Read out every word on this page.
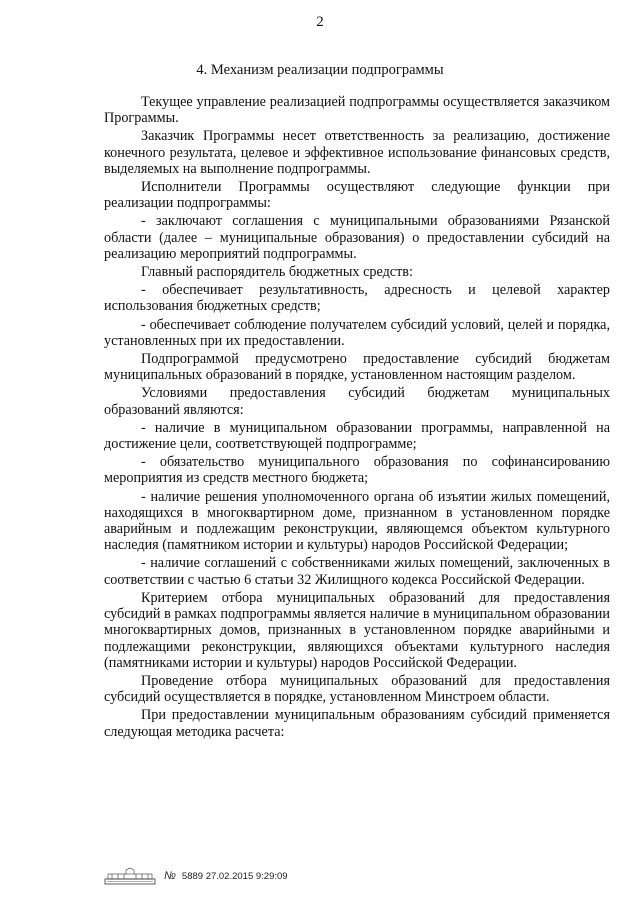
2
4. Механизм реализации подпрограммы

Текущее управление реализацией подпрограммы осуществляется заказчиком Программы.

Заказчик Программы несет ответственность за реализацию, достижение конечного результата, целевое и эффективное использование финансовых средств, выделяемых на выполнение подпрограммы.

Исполнители Программы осуществляют следующие функции при реализации подпрограммы:

- заключают соглашения с муниципальными образованиями Рязанской области (далее – муниципальные образования) о предоставлении субсидий на реализацию мероприятий подпрограммы.

Главный распорядитель бюджетных средств:

- обеспечивает результативность, адресность и целевой характер использования бюджетных средств;

- обеспечивает соблюдение получателем субсидий условий, целей и порядка, установленных при их предоставлении.

Подпрограммой предусмотрено предоставление субсидий бюджетам муниципальных образований в порядке, установленном настоящим разделом.

Условиями предоставления субсидий бюджетам муниципальных образований являются:

- наличие в муниципальном образовании программы, направленной на достижение цели, соответствующей подпрограмме;

- обязательство муниципального образования по софинансированию мероприятия из средств местного бюджета;

- наличие решения уполномоченного органа об изъятии жилых помещений, находящихся в многоквартирном доме, признанном в установленном порядке аварийным и подлежащим реконструкции, являющемся объектом культурного наследия (памятником истории и культуры) народов Российской Федерации;

- наличие соглашений с собственниками жилых помещений, заключенных в соответствии с частью 6 статьи 32 Жилищного кодекса Российской Федерации.

Критерием отбора муниципальных образований для предоставления субсидий в рамках подпрограммы является наличие в муниципальном образовании многоквартирных домов, признанных в установленном порядке аварийными и подлежащими реконструкции, являющихся объектами культурного наследия (памятниками истории и культуры) народов Российской Федерации.

Проведение отбора муниципальных образований для предоставления субсидий осуществляется в порядке, установленном Минстроем области.

При предоставлении муниципальным образованиям субсидий применяется следующая методика расчета:

№ 5889 27.02.2015 9:29:09
